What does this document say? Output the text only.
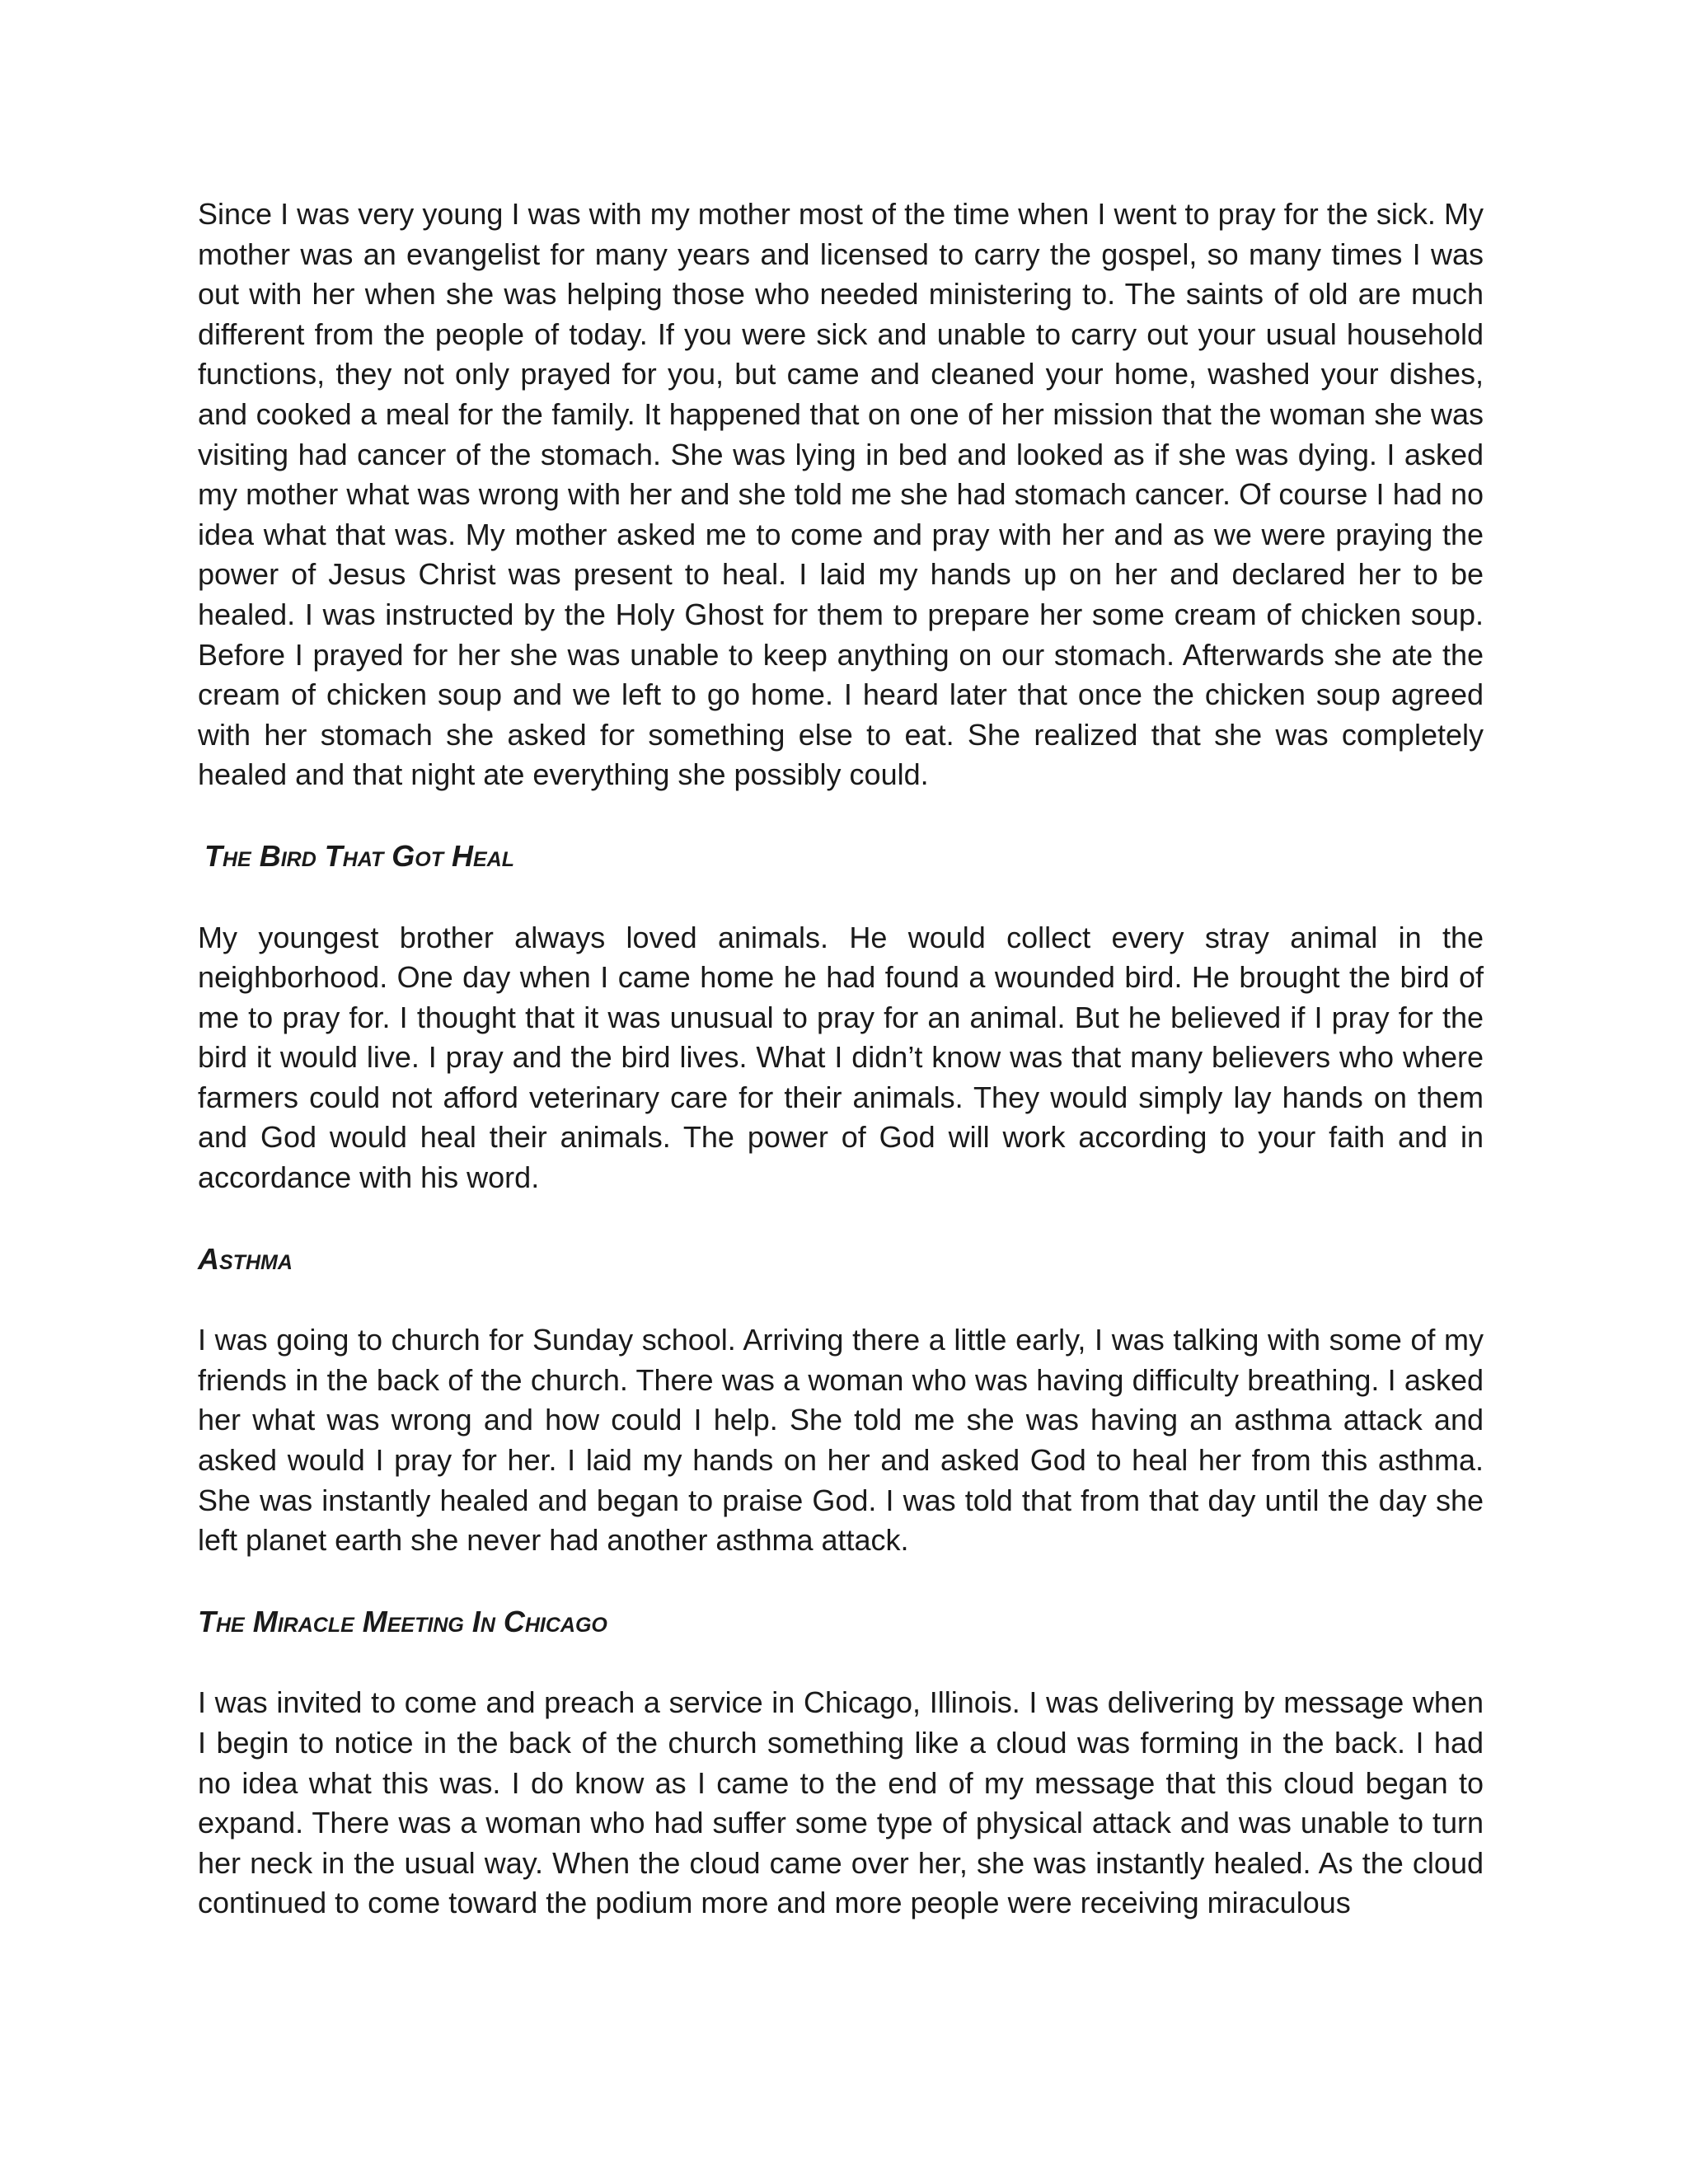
Since I was very young I was with my mother most of the time when I went to pray for the sick. My mother was an evangelist for many years and licensed to carry the gospel, so many times I was out with her when she was helping those who needed ministering to. The saints of old are much different from the people of today. If you were sick and unable to carry out your usual household functions, they not only prayed for you, but came and cleaned your home, washed your dishes, and cooked a meal for the family. It happened that on one of her mission that the woman she was visiting had cancer of the stomach. She was lying in bed and looked as if she was dying. I asked my mother what was wrong with her and she told me she had stomach cancer. Of course I had no idea what that was. My mother asked me to come and pray with her and as we were praying the power of Jesus Christ was present to heal. I laid my hands up on her and declared her to be healed. I was instructed by the Holy Ghost for them to prepare her some cream of chicken soup. Before I prayed for her she was unable to keep anything on our stomach. Afterwards she ate the cream of chicken soup and we left to go home. I heard later that once the chicken soup agreed with her stomach she asked for something else to eat. She realized that she was completely healed and that night ate everything she possibly could.

The Bird That Got Heal

My youngest brother always loved animals. He would collect every stray animal in the neighborhood. One day when I came home he had found a wounded bird. He brought the bird of me to pray for. I thought that it was unusual to pray for an animal. But he believed if I pray for the bird it would live. I pray and the bird lives. What I didn’t know was that many believers who where farmers could not afford veterinary care for their animals. They would simply lay hands on them and God would heal their animals. The power of God will work according to your faith and in accordance with his word.

Asthma

I was going to church for Sunday school. Arriving there a little early, I was talking with some of my friends in the back of the church. There was a woman who was having difficulty breathing. I asked her what was wrong and how could I help. She told me she was having an asthma attack and asked would I pray for her. I laid my hands on her and asked God to heal her from this asthma. She was instantly healed and began to praise God. I was told that from that day until the day she left planet earth she never had another asthma attack.

The Miracle Meeting In Chicago

I was invited to come and preach a service in Chicago, Illinois. I was delivering by message when I begin to notice in the back of the church something like a cloud was forming in the back. I had no idea what this was. I do know as I came to the end of my message that this cloud began to expand. There was a woman who had suffer some type of physical attack and was unable to turn her neck in the usual way. When the cloud came over her, she was instantly healed. As the cloud continued to come toward the podium more and more people were receiving miraculous
